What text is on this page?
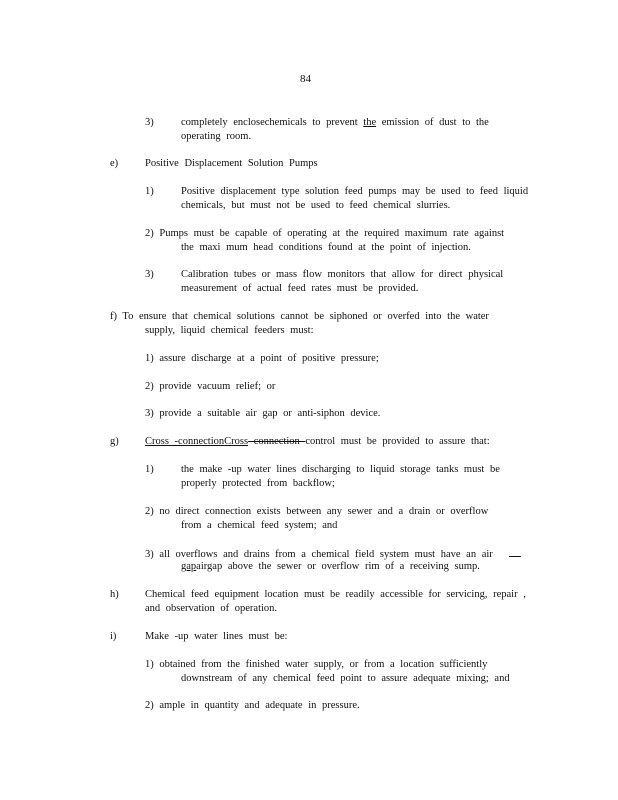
84
3)	completely enclosechemicals to prevent the emission of dust to the
operating room.
e)	Positive Displacement Solution Pumps
1)	Positive displacement type solution feed pumps may be used to feed liquid
chemicals, but must not be used to feed chemical slurries.
2) Pumps must be capable of operating at the required maximum rate against
the maxi mum head conditions found at the point of injection.
3)	Calibration tubes or mass flow monitors that allow for direct physical
measurement of actual feed rates must be provided.
f) To ensure that chemical solutions cannot be siphoned or overfed into the water
supply, liquid chemical feeders must:
1) assure discharge at a point of positive pressure;
2) provide vacuum relief; or
3) provide a suitable air gap or anti-siphon device.
g)	Cross -connectionCross connection control must be provided to assure that:
1)	the make -up water lines discharging to liquid storage tanks must be
properly protected from backflow;
2) no direct connection exists between any sewer and a drain or overflow
from a chemical feed system; and
3) all overflows and drains from a chemical field system must have an air
gapairgap above the sewer or overflow rim of a receiving sump.
h)	Chemical feed equipment location must be readily accessible for servicing, repair ,
and observation of operation.
i)	Make -up water lines must be:
1) obtained from the finished water supply, or from a location sufficiently
downstream of any chemical feed point to assure adequate mixing; and
2) ample in quantity and adequate in pressure.
